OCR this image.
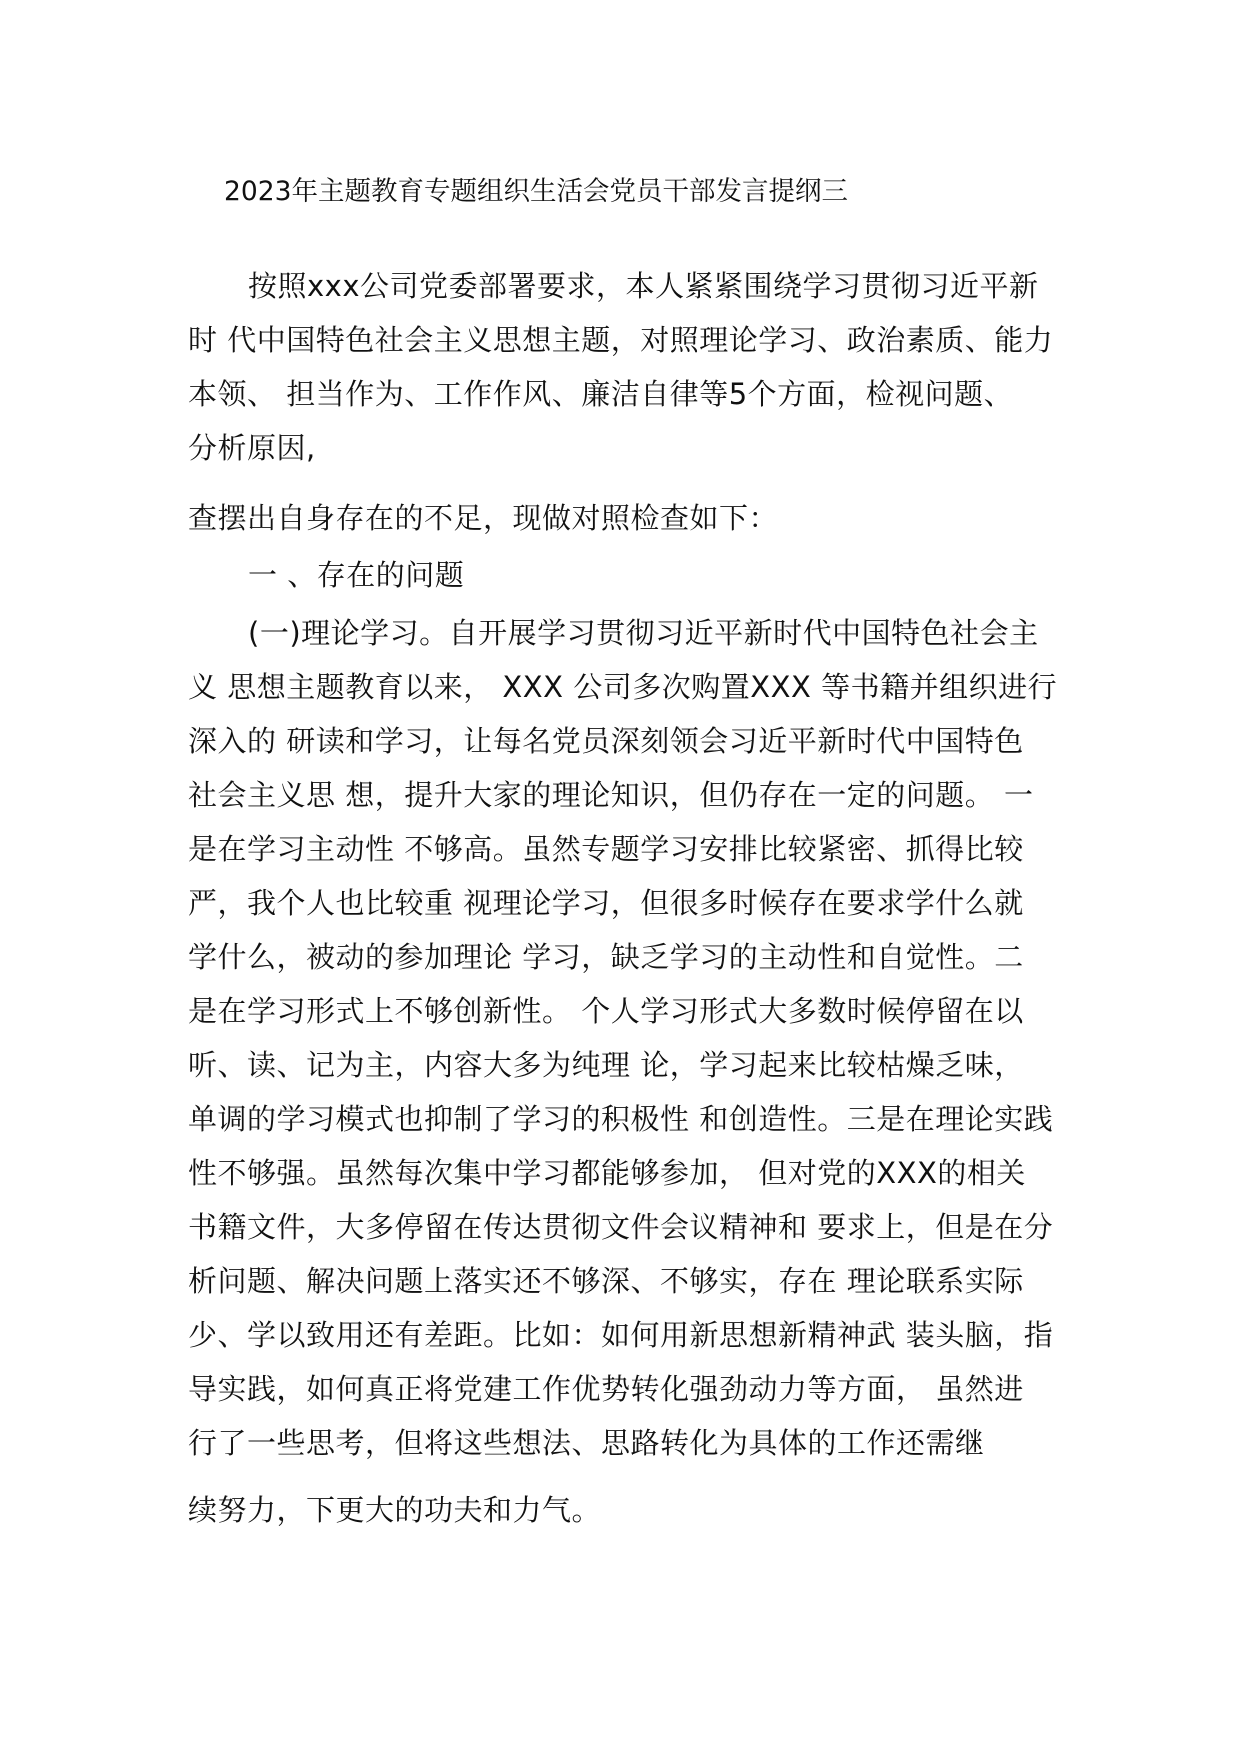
2023年主题教育专题组织生活会党员干部发言提纲三
按照xxx公司党委部署要求，本人紧紧围绕学习贯彻习近平新
时 代中国特色社会主义思想主题，对照理论学习、政治素质、能力
本领、 担当作为、工作作风、廉洁自律等5个方面，检视问题、
分析原因,
查摆出自身存在的不足，现做对照检查如下：
一 、存在的问题
(一)理论学习。自开展学习贯彻习近平新时代中国特色社会主
义 思想主题教育以来， XXX 公司多次购置XXX 等书籍并组织进行
深入的 研读和学习，让每名党员深刻领会习近平新时代中国特色
社会主义思 想，提升大家的理论知识，但仍存在一定的问题。 一
是在学习主动性 不够高。虽然专题学习安排比较紧密、抓得比较
严，我个人也比较重 视理论学习，但很多时候存在要求学什么就
学什么，被动的参加理论 学习，缺乏学习的主动性和自觉性。二
是在学习形式上不够创新性。 个人学习形式大多数时候停留在以
听、读、记为主，内容大多为纯理 论，学习起来比较枯燥乏味，
单调的学习模式也抑制了学习的积极性 和创造性。三是在理论实践
性不够强。虽然每次集中学习都能够参加， 但对党的XXX的相关
书籍文件，大多停留在传达贯彻文件会议精神和 要求上，但是在分
析问题、解决问题上落实还不够深、不够实，存在 理论联系实际
少、学以致用还有差距。比如：如何用新思想新精神武 装头脑，指
导实践，如何真正将党建工作优势转化强劲动力等方面， 虽然进
行了一些思考，但将这些想法、思路转化为具体的工作还需继
续努力，下更大的功夫和力气。
